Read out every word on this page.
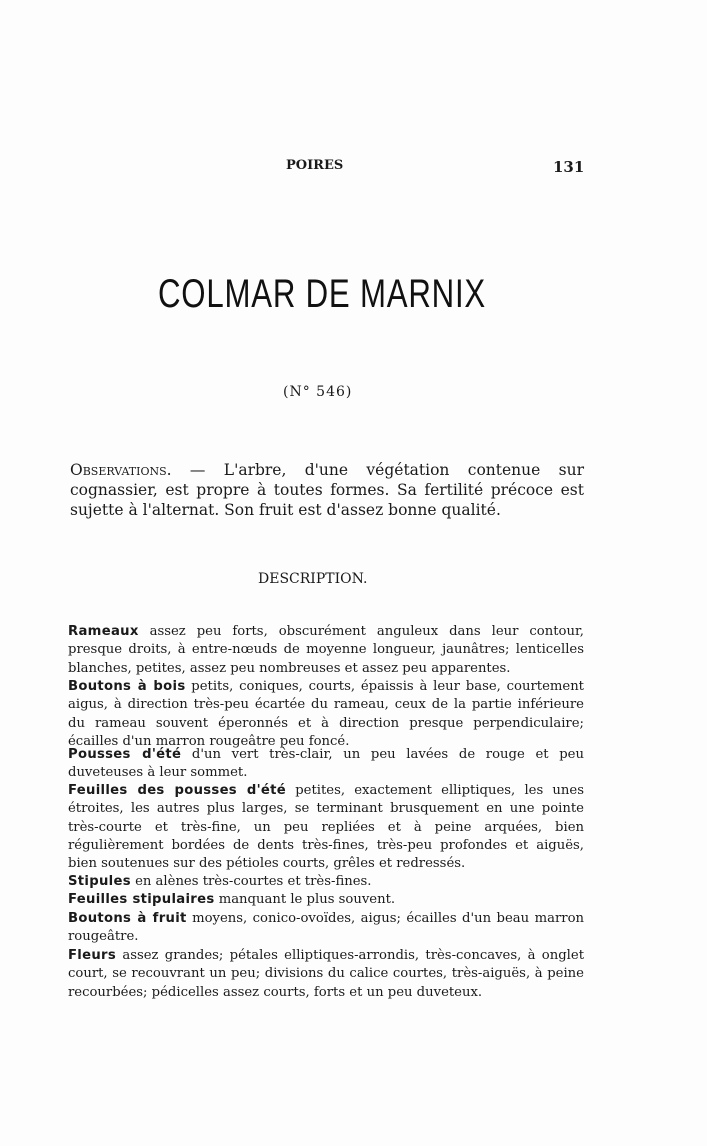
POIRES	131
COLMAR DE MARNIX
(N° 546)
Observations. — L'arbre, d'une végétation contenue sur cognassier, est propre à toutes formes. Sa fertilité précoce est sujette à l'alternat. Son fruit est d'assez bonne qualité.
DESCRIPTION.
Rameaux assez peu forts, obscurément anguleux dans leur contour, presque droits, à entre-nœuds de moyenne longueur, jaunâtres; lenticelles blanches, petites, assez peu nombreuses et assez peu apparentes.
Boutons à bois petits, coniques, courts, épaissis à leur base, courtement aigus, à direction très-peu écartée du rameau, ceux de la partie inférieure du rameau souvent éperonnés et à direction presque perpendiculaire; écailles d'un marron rougeâtre peu foncé.
Pousses d'été d'un vert très-clair, un peu lavées de rouge et peu duveteuses à leur sommet.
Feuilles des pousses d'été petites, exactement elliptiques, les unes étroites, les autres plus larges, se terminant brusquement en une pointe très-courte et très-fine, un peu repliées et à peine arquées, bien régulièrement bordées de dents très-fines, très-peu profondes et aiguës, bien soutenues sur des pétioles courts, grêles et redressés.
Stipules en alènes très-courtes et très-fines.
Feuilles stipulaires manquant le plus souvent.
Boutons à fruit moyens, conico-ovoïdes, aigus; écailles d'un beau marron rougeâtre.
Fleurs assez grandes; pétales elliptiques-arrondis, très-concaves, à onglet court, se recouvrant un peu; divisions du calice courtes, très-aiguës, à peine recourbées; pédicelles assez courts, forts et un peu duveteux.
